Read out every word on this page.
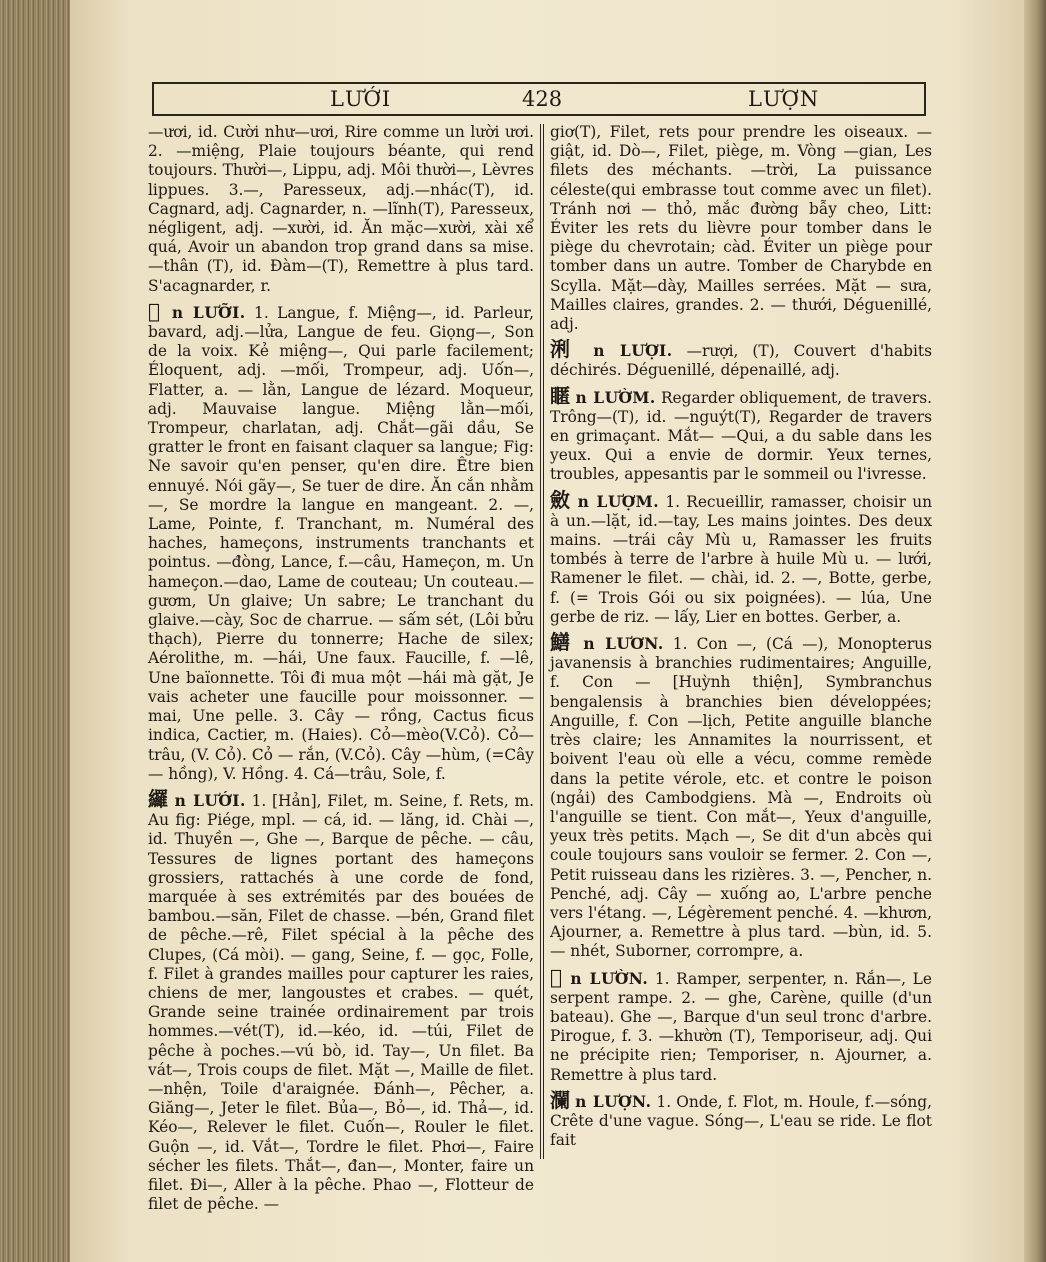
LƯỚI	428	LƯỢN

—ươi, id. Cười như—ươi, Rire comme un lười ươi. 2. —miệng, Plaie toujours béante, qui rend toujours. Thười—, Lippu, adj. Môi thười—, Lèvres lippues. 3.—, Paresseux, adj.—nhác(T), id. Cagnard, adj. Cagnarder, n. —lĩnh(T), Paresseux, négligent, adj. —xười, id. Ăn mặc—xười, xài xể quá, Avoir un abandon trop grand dans sa mise.—thân (T), id. Đàm—(T), Remettre à plus tard. S'acagnarder, r.

𦧜 n LƯỠI. 1. Langue, f. Miệng—, id. Parleur, bavard, adj.—lửa, Langue de feu. Giọng—, Son de la voix. Kẻ miệng—, Qui parle facilement; Éloquent, adj. —mối, Trompeur, adj. Uốn—, Flatter, a. — lằn, Langue de lézard. Moqueur, adj. Mauvaise langue. Miệng lằn—mối, Trompeur, charlatan, adj. Chắt—gãi dầu, Se gratter le front en faisant claquer sa langue; Fig: Ne savoir qu'en penser, qu'en dire. Être bien ennuyé. Nói gãy—, Se tuer de dire. Ăn cắn nhằm —, Se mordre la langue en mangeant. 2. —, Lame, Pointe, f. Tranchant, m. Numéral des haches, hameçons, instruments tranchants et pointus. —đòng, Lance, f.—câu, Hameçon, m. Un hameçon.—dao, Lame de couteau; Un couteau.—gươm, Un glaive; Un sabre; Le tranchant du glaive.—cày, Soc de charrue. — sấm sét, (Lôi bửu thạch), Pierre du tonnerre; Hache de silex; Aérolithe, m. —hái, Une faux. Faucille, f. —lê, Une baïonnette. Tôi đi mua một —hái mà gặt, Je vais acheter une faucille pour moissonner. — mai, Une pelle. 3. Cây — rồng, Cactus ficus indica, Cactier, m. (Haies). Cỏ—mèo(V.Cỏ). Cỏ—trâu, (V. Cỏ). Cỏ — rắn, (V.Cỏ). Cây —hùm, (=Cây — hồng), V. Hồng. 4. Cá—trâu, Sole, f.

纙 n LƯỚI. 1. [Hản], Filet, m. Seine, f. Rets, m. Au fig: Piége, mpl. — cá, id. — lăng, id. Chài —, id. Thuyền —, Ghe —, Barque de pêche. — câu, Tessures de lignes portant des hameçons grossiers, rattachés à une corde de fond, marquée à ses extrémités par des bouées de bambou.—săn, Filet de chasse. —bén, Grand filet de pêche.—rê, Filet spécial à la pêche des Clupes, (Cá mòi). — gang, Seine, f. — gọc, Folle, f. Filet à grandes mailles pour capturer les raies, chiens de mer, langoustes et crabes. — quét, Grande seine trainée ordinairement par trois hommes.—vét(T), id.—kéo, id. —túi, Filet de pêche à poches.—vú bò, id. Tay—, Un filet. Ba vát—, Trois coups de filet. Mặt —, Maille de filet.—nhện, Toile d'araignée. Đánh—, Pêcher, a. Giăng—, Jeter le filet. Bủa—, Bỏ—, id. Thả—, id. Kéo—, Relever le filet. Cuốn—, Rouler le filet. Guộn —, id. Vắt—, Tordre le filet. Phơi—, Faire sécher les filets. Thắt—, đan—, Monter, faire un filet. Đi—, Aller à la pêche. Phao —, Flotteur de filet de pêche. —

giơ(T), Filet, rets pour prendre les oiseaux. —giật, id. Dò—, Filet, piège, m. Vòng —gian, Les filets des méchants. —trời, La puissance céleste(qui embrasse tout comme avec un filet). Tránh nơi — thỏ, mắc đường bẫy cheo, Litt: Éviter les rets du lièvre pour tomber dans le piège du chevrotain; càd. Éviter un piège pour tomber dans un autre. Tomber de Charybde en Scylla. Mặt—dày, Mailles serrées. Mặt — sưa, Mailles claires, grandes. 2. — thưới, Déguenillé, adj.

浰 n LƯỢI. —rượi, (T), Couvert d'habits déchirés. Déguenillé, dépenaillé, adj.

䁥 n LƯỜM. Regarder obliquement, de travers. Trông—(T), id. —nguýt(T), Regarder de travers en grimaçant. Mắt— —Qui, a du sable dans les yeux. Qui a envie de dormir. Yeux ternes, troubles, appesantis par le sommeil ou l'ivresse.

斂 n LƯỢM. 1. Recueillir, ramasser, choisir un à un.—lặt, id.—tay, Les mains jointes. Des deux mains. —trái cây Mù u, Ramasser les fruits tombés à terre de l'arbre à huile Mù u. — lưới, Ramener le filet. — chài, id. 2. —, Botte, gerbe, f. (= Trois Gói ou six poignées). — lúa, Une gerbe de riz. — lấy, Lier en bottes. Gerber, a.

鱔 n LƯƠN. 1. Con —, (Cá —), Monopterus javanensis à branchies rudimentaires; Anguille, f. Con — [Huỳnh thiện], Symbranchus bengalensis à branchies bien développées; Anguille, f. Con —lịch, Petite anguille blanche très claire; les Annamites la nourrissent, et boivent l'eau où elle a vécu, comme remède dans la petite vérole, etc. et contre le poison (ngải) des Cambodgiens. Mà —, Endroits où l'anguille se tient. Con mắt—, Yeux d'anguille, yeux très petits. Mạch —, Se dit d'un abcès qui coule toujours sans vouloir se fermer. 2. Con —, Petit ruisseau dans les rizières. 3. —, Pencher, n. Penché, adj. Cây — xuống ao, L'arbre penche vers l'étang. —, Légèrement penché. 4. —khươn, Ajourner, a. Remettre à plus tard. —bùn, id. 5. — nhét, Suborner, corrompre, a.

𧊉 n LƯỜN. 1. Ramper, serpenter, n. Rắn—, Le serpent rampe. 2. — ghe, Carène, quille (d'un bateau). Ghe —, Barque d'un seul tronc d'arbre. Pirogue, f. 3. —khườn (T), Temporiseur, adj. Qui ne précipite rien; Temporiser, n. Ajourner, a. Remettre à plus tard.

瀾 n LƯỢN. 1. Onde, f. Flot, m. Houle, f.—sóng, Crête d'une vague. Sóng—, L'eau se ride. Le flot fait
